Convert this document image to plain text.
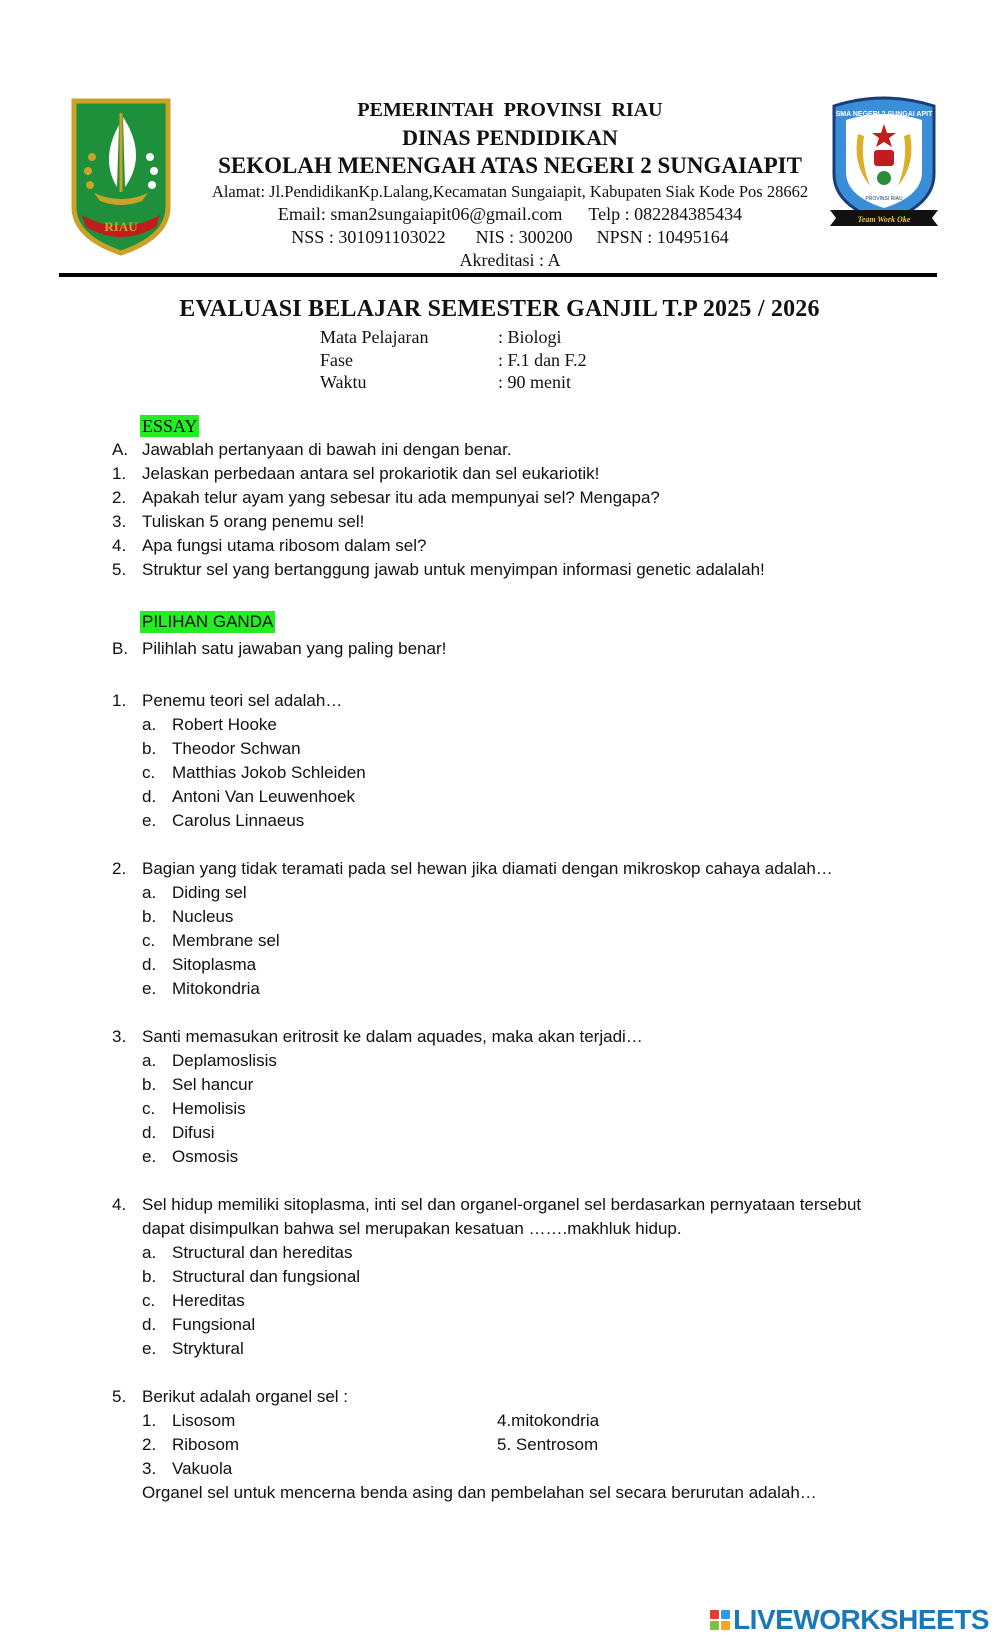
RIAU
SMA NEGERI 2 SUNGAI APIT
PROVINSI RIAU
Team Work Oke
PEMERINTAH  PROVINSI  RIAU
DINAS PENDIDIKAN
SEKOLAH MENENGAH ATAS NEGERI 2 SUNGAIAPIT
Alamat: Jl.PendidikanKp.Lalang,Kecamatan Sungaiapit, Kabupaten Siak Kode Pos 28662
Email: sman2sungaiapit06@gmail.com Telp : 082284385434
NSS : 301091103022 NIS : 300200 NPSN : 10495164
Akreditasi : A
EVALUASI BELAJAR SEMESTER GANJIL T.P 2025 / 2026
Mata Pelajaran	: Biologi
Fase	: F.1 dan F.2
Waktu	: 90 menit
ESSAY
A. Jawablah pertanyaan di bawah ini dengan benar.
1. Jelaskan perbedaan antara sel prokariotik dan sel eukariotik!
2. Apakah telur ayam yang sebesar itu ada mempunyai sel? Mengapa?
3. Tuliskan 5 orang penemu sel!
4. Apa fungsi utama ribosom dalam sel?
5. Struktur sel yang bertanggung jawab untuk menyimpan informasi genetic adalalah!
PILIHAN GANDA
B. Pilihlah satu jawaban yang paling benar!
1. Penemu teori sel adalah…
a. Robert Hooke
b. Theodor Schwan
c. Matthias Jokob Schleiden
d. Antoni Van Leuwenhoek
e. Carolus Linnaeus
2. Bagian yang tidak teramati pada sel hewan jika diamati dengan mikroskop cahaya adalah…
a. Diding sel
b. Nucleus
c. Membrane sel
d. Sitoplasma
e. Mitokondria
3. Santi memasukan eritrosit ke dalam aquades, maka akan terjadi…
a. Deplamoslisis
b. Sel hancur
c. Hemolisis
d. Difusi
e. Osmosis
4. Sel hidup memiliki sitoplasma, inti sel dan organel-organel sel berdasarkan pernyataan tersebut
dapat disimpulkan bahwa sel merupakan kesatuan …….makhluk hidup.
a. Structural dan hereditas
b. Structural dan fungsional
c. Hereditas
d. Fungsional
e. Stryktural
5. Berikut adalah organel sel :
1. Lisosom
2. Ribosom
3. Vakuola
4.mitokondria
5. Sentrosom
Organel sel untuk mencerna benda asing dan pembelahan sel secara berurutan adalah…
LIVEWORKSHEETS
